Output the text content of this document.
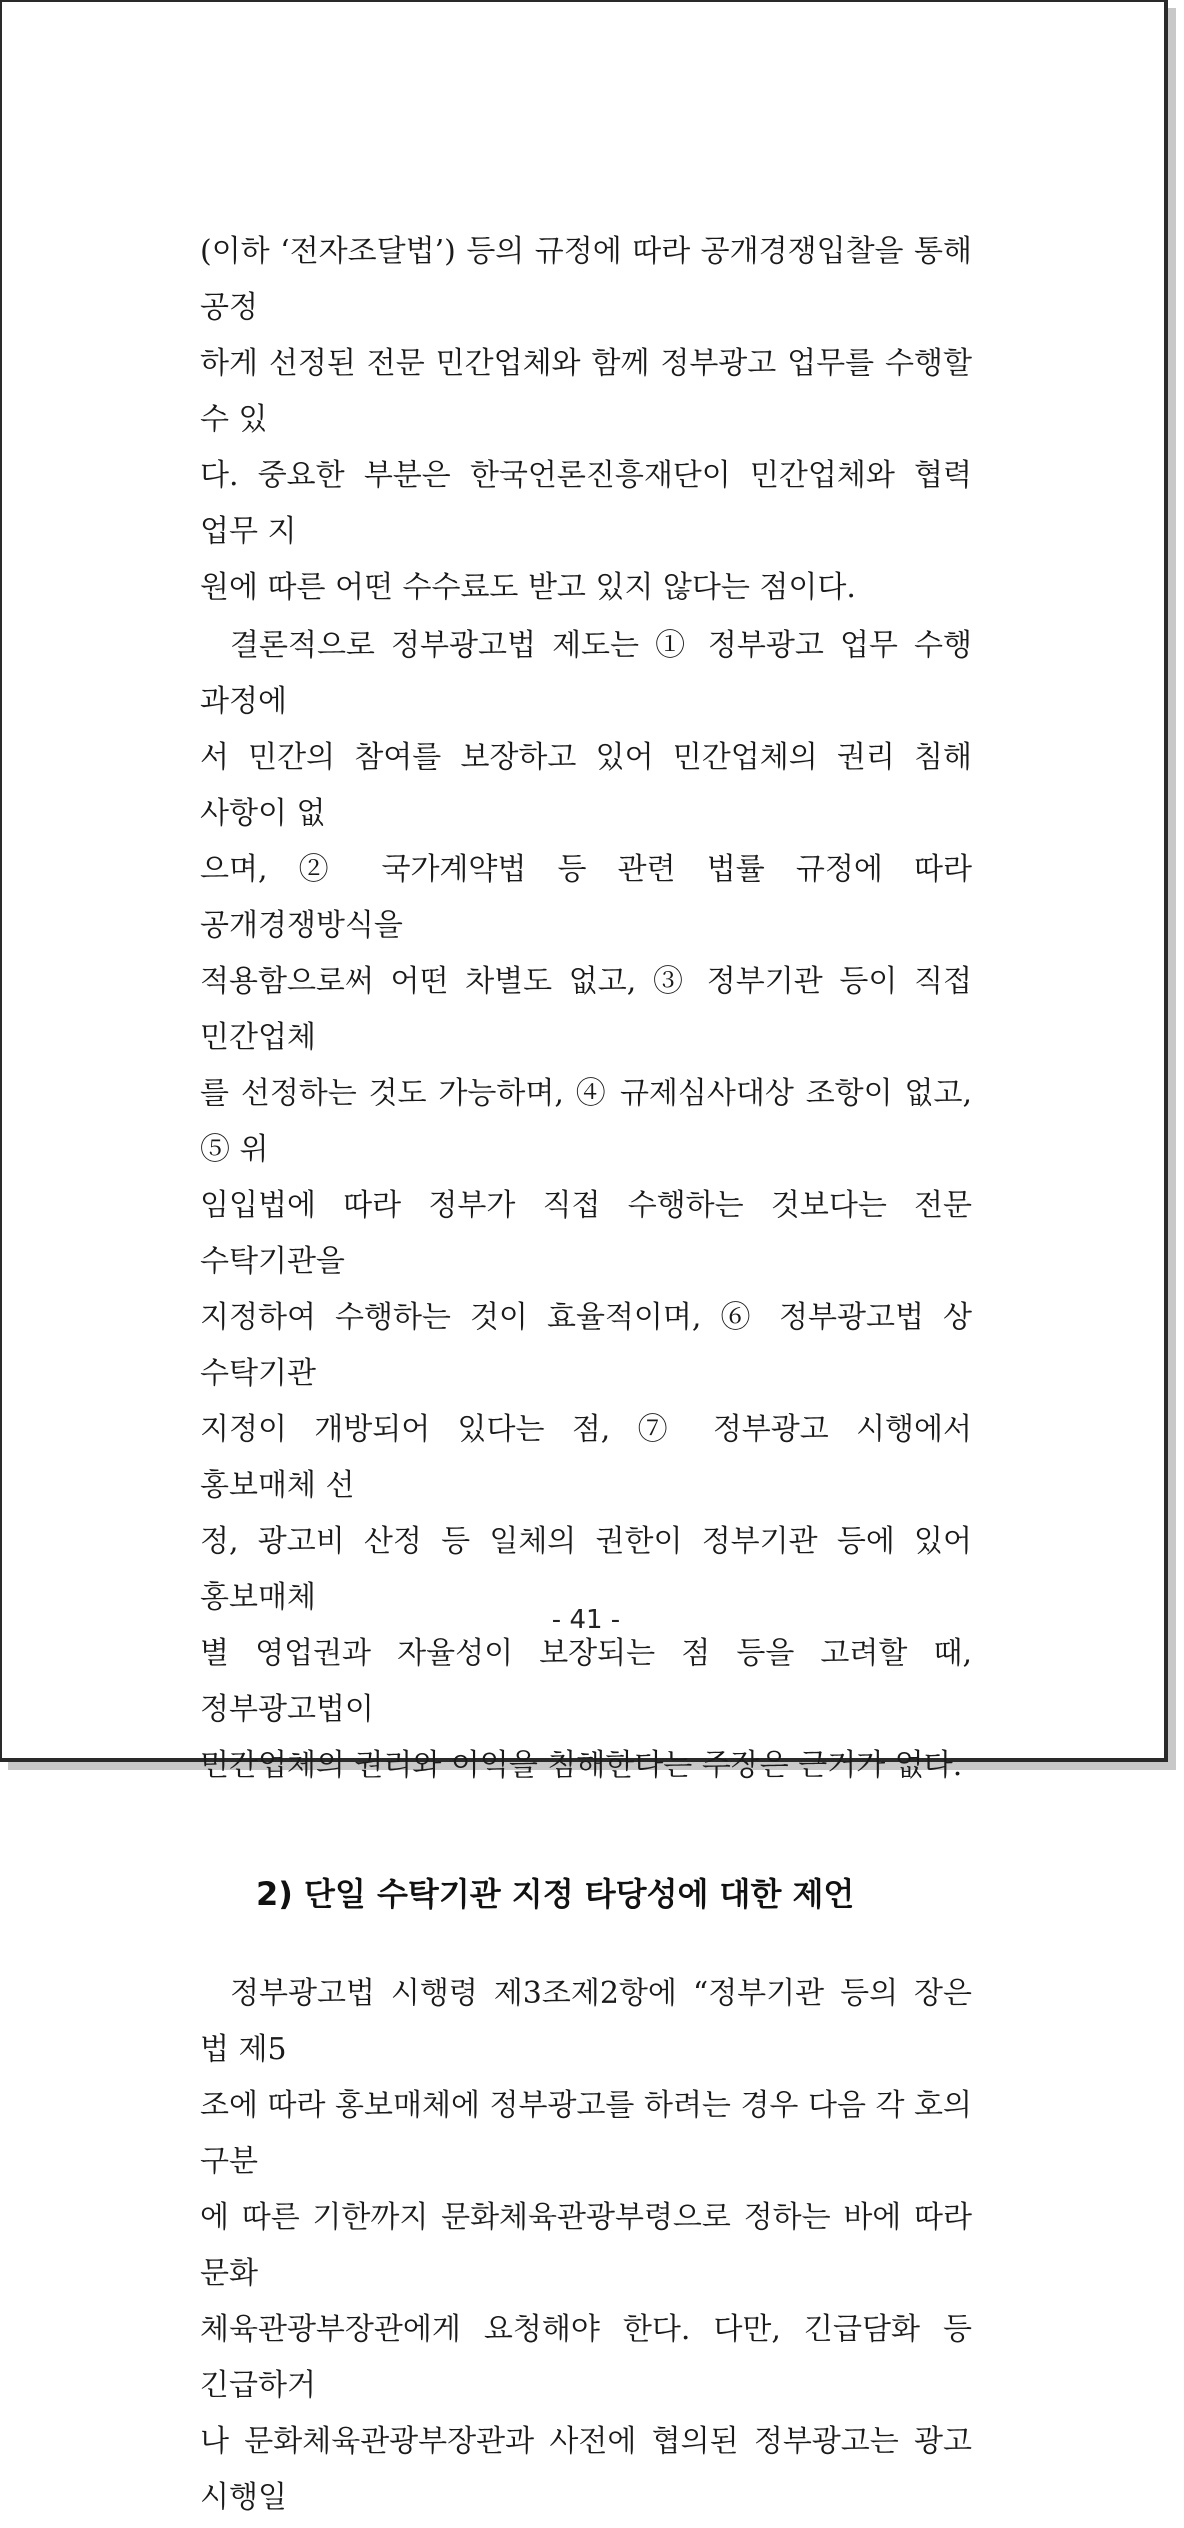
(이하 ‘전자조달법’) 등의 규정에 따라 공개경쟁입찰을 통해 공정

하게 선정된 전문 민간업체와 함께 정부광고 업무를 수행할 수 있

다. 중요한 부분은 한국언론진흥재단이 민간업체와 협력 업무 지

원에 따른 어떤 수수료도 받고 있지 않다는 점이다.

결론적으로 정부광고법 제도는 ① 정부광고 업무 수행 과정에

서 민간의 참여를 보장하고 있어 민간업체의 권리 침해 사항이 없

으며, ② 국가계약법 등 관련 법률 규정에 따라 공개경쟁방식을

적용함으로써 어떤 차별도 없고, ③ 정부기관 등이 직접 민간업체

를 선정하는 것도 가능하며, ④ 규제심사대상 조항이 없고, ⑤ 위

임입법에 따라 정부가 직접 수행하는 것보다는 전문 수탁기관을

지정하여 수행하는 것이 효율적이며, ⑥ 정부광고법 상 수탁기관

지정이 개방되어 있다는 점, ⑦ 정부광고 시행에서 홍보매체 선

정, 광고비 산정 등 일체의 권한이 정부기관 등에 있어 홍보매체

별 영업권과 자율성이 보장되는 점 등을 고려할 때, 정부광고법이

민간업체의 권리와 이익을 침해한다는 주장은 근거가 없다.

2) 단일 수탁기관 지정 타당성에 대한 제언

정부광고법 시행령 제3조제2항에 “정부기관 등의 장은 법 제5

조에 따라 홍보매체에 정부광고를 하려는 경우 다음 각 호의 구분

에 따른 기한까지 문화체육관광부령으로 정하는 바에 따라 문화

체육관광부장관에게 요청해야 한다. 다만, 긴급담화 등 긴급하거

나 문화체육관광부장관과 사전에 협의된 정부광고는 광고 시행일

- 41 -
